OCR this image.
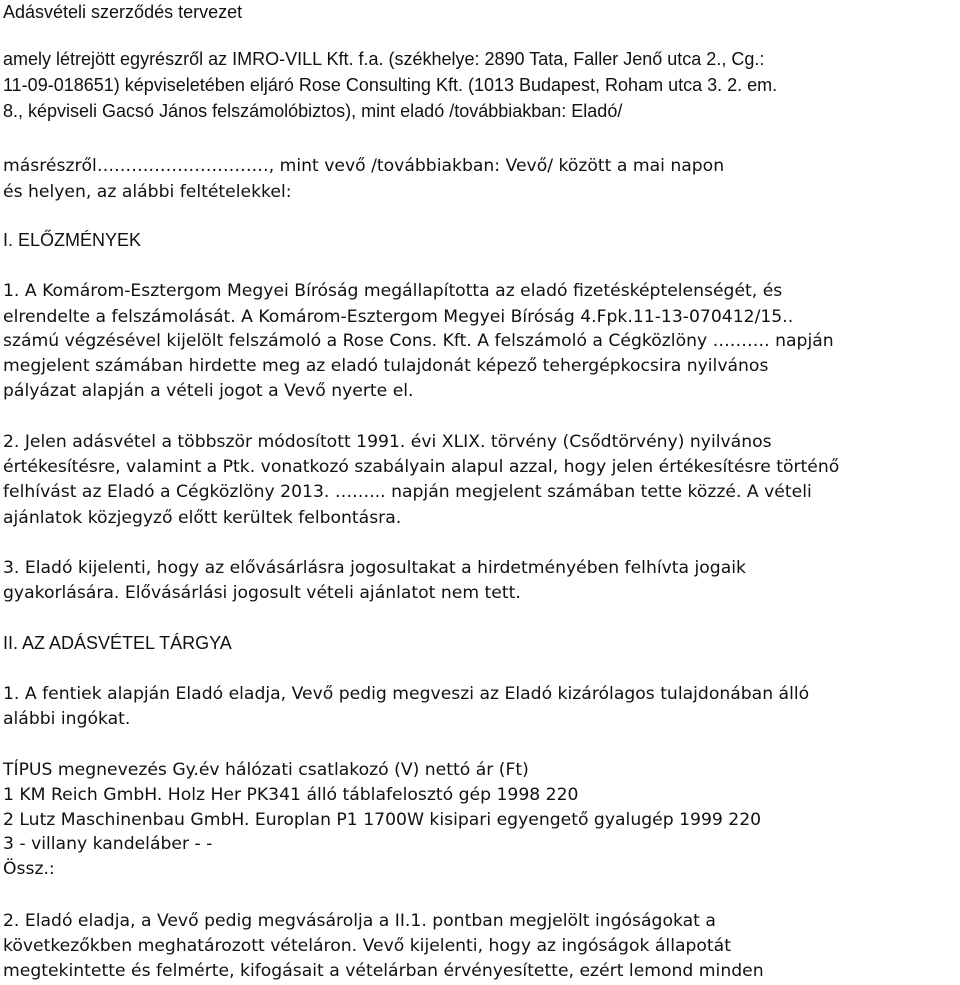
Adásvételi szerződés tervezet
amely létrejött egyrészről az IMRO-VILL Kft. f.a. (székhelye: 2890 Tata, Faller Jenő utca 2., Cg.:
11-09-018651) képviseletében eljáró Rose Consulting Kft. (1013 Budapest, Roham utca 3. 2. em.
8., képviseli Gacsó János felszámolóbiztos), mint eladó /továbbiakban: Eladó/
másrészről…………………………, mint vevő /továbbiakban: Vevő/ között a mai napon
és helyen, az alábbi feltételekkel:
I. ELŐZMÉNYEK
1. A Komárom-Esztergom Megyei Bíróság megállapította az eladó fizetésképtelenségét, és
elrendelte a felszámolását. A Komárom-Esztergom Megyei Bíróság 4.Fpk.11-13-070412/15..
számú végzésével kijelölt felszámoló a Rose Cons. Kft. A felszámoló a Cégközlöny ………. napján
megjelent számában hirdette meg az eladó tulajdonát képező tehergépkocsira nyilvános
pályázat alapján a vételi jogot a Vevő nyerte el.
2. Jelen adásvétel a többször módosított 1991. évi XLIX. törvény (Csődtörvény) nyilvános
értékesítésre, valamint a Ptk. vonatkozó szabályain alapul azzal, hogy jelen értékesítésre történő
felhívást az Eladó a Cégközlöny 2013. ……... napján megjelent számában tette közzé. A vételi
ajánlatok közjegyző előtt kerültek felbontásra.
3. Eladó kijelenti, hogy az elővásárlásra jogosultakat a hirdetményében felhívta jogaik
gyakorlására. Elővásárlási jogosult vételi ajánlatot nem tett.
II. AZ ADÁSVÉTEL TÁRGYA
1. A fentiek alapján Eladó eladja, Vevő pedig megveszi az Eladó kizárólagos tulajdonában álló
alábbi ingókat.
TÍPUS megnevezés Gy.év hálózati csatlakozó (V) nettó ár (Ft)
1 KM Reich GmbH. Holz Her PK341 álló táblafelosztó gép 1998 220
2 Lutz Maschinenbau GmbH. Europlan P1 1700W kisipari egyengető gyalugép 1999 220
3 - villany kandeláber - -
Össz.:
2. Eladó eladja, a Vevő pedig megvásárolja a II.1. pontban megjelölt ingóságokat a
következőkben meghatározott vételáron. Vevő kijelenti, hogy az ingóságok állapotát
megtekintette és felmérte, kifogásait a vételárban érvényesítette, ezért lemond minden
